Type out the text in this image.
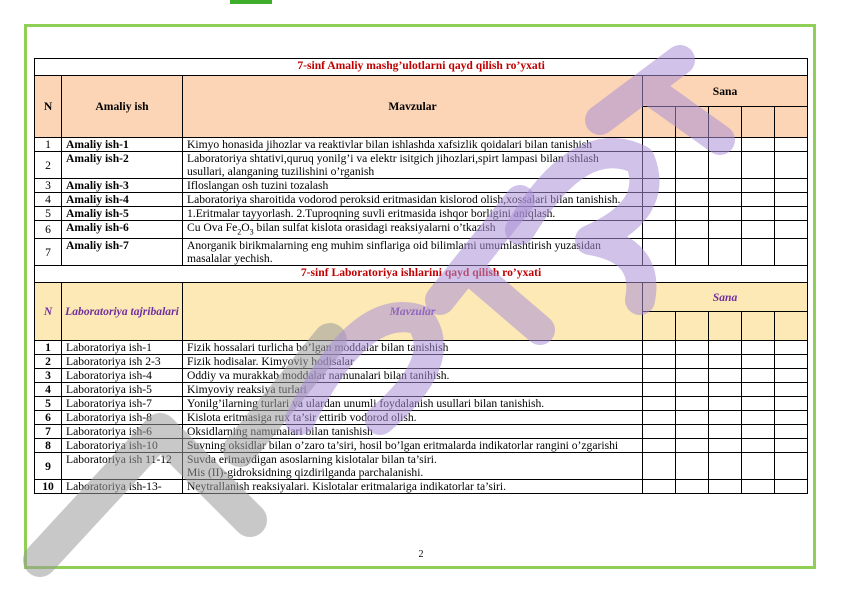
7-sinf Amaliy mashg’ulotlarni qayd qilish ro’yxati							
N	Amaliy ish	Mavzular	Sana				

1	Amaliy ish-1	Kimyo honasida jihozlar va reaktivlar bilan ishlashda xafsizlik qoidalari bilan tanishish					
2	Amaliy ish-2	Laboratoriya shtativi,quruq yonilg’i va elektr isitgich jihozlari,spirt lampasi bilan ishlash usullari, alanganing tuzilishini o’rganish					
3	Amaliy ish-3	Ifloslangan osh tuzini tozalash					
4	Amaliy ish-4	Laboratoriya sharoitida vodorod peroksid eritmasidan kislorod olish,xossalari bilan tanishish.					
5	Amaliy ish-5	1.Eritmalar tayyorlash. 2.Tuproqning suvli eritmasida ishqor borligini aniqlash.					
6	Amaliy ish-6	Cu Ova $Fe_2O_3$ bilan sulfat kislota orasidagi reaksiyalarni o’tkazish					
7	Amaliy ish-7	Anorganik birikmalarning eng muhim sinflariga oid bilimlarni umumlashtirish yuzasidan masalalar yechish.					
7-sinf Laboratoriya ishlarini qayd qilish ro’yxati							
N	Laboratoriya tajribalari	Mavzular	Sana				

1	Laboratoriya ish-1	Fizik hossalari turlicha bo’lgan moddalar bilan tanishish					
2	Laboratoriya ish 2-3	Fizik hodisalar. Kimyoviy hodisalar					
3	Laboratoriya ish-4	Oddiy va murakkab moddalar namunalari bilan tanihish.					
4	Laboratoriya ish-5	Kimyoviy reaksiya turlari					
5	Laboratoriya ish-7	Yonilg’ilarning turlari va ulardan unumli foydalanish usullari bilan tanishish.					
6	Laboratoriya ish-8	Kislota eritmasiga rux ta’sir ettirib vodorod olish.					
7	Laboratoriya ish-6	Oksidlarning namunalari bilan tanishish					
8	Laboratoriya ish-10	Suvning oksidlar bilan o’zaro ta’siri, hosil bo’lgan eritmalarda indikatorlar rangini o’zgarishi					
9	Laboratoriya ish 11-12	Suvda erimaydigan asoslarning kislotalar bilan ta’siri.
Mis (II)-gidroksidning qizdirilganda parchalanishi.					
10	Laboratoriya ish-13-	Neytrallanish reaksiyalari. Kislotalar eritmalariga indikatorlar ta’siri.					
2
